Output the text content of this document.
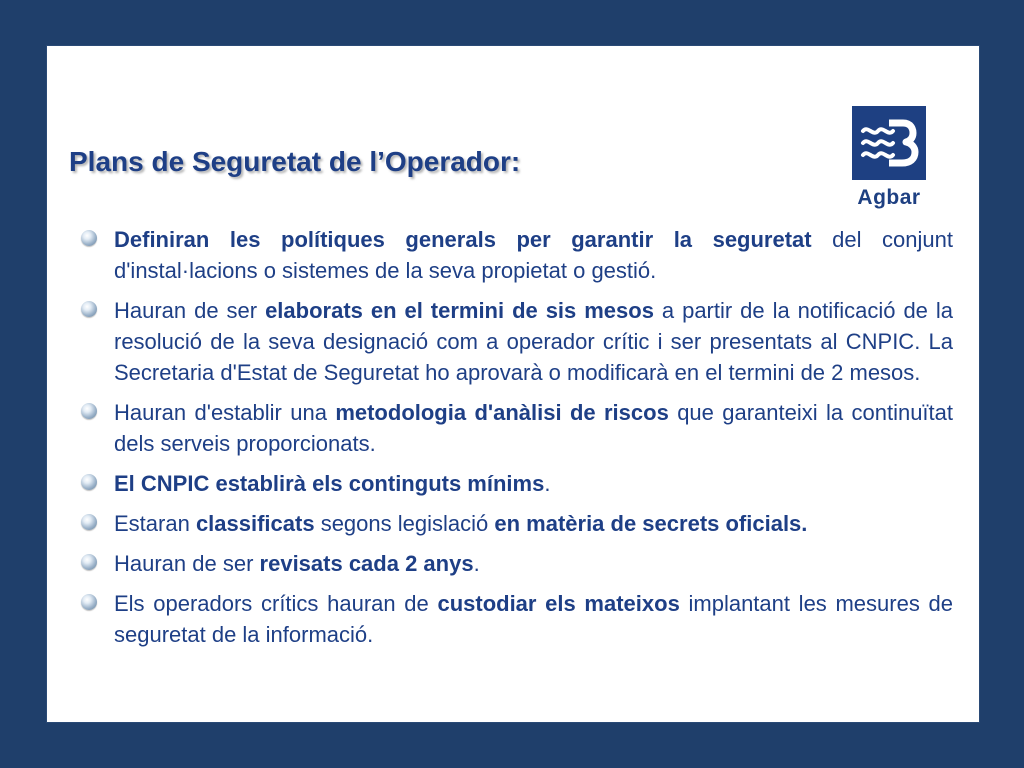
Agbar
Plans de Seguretat de l’Operador:
Definiran les polítiques generals per garantir la seguretat del conjunt d'instal·lacions o sistemes de la seva propietat o gestió.
Hauran de ser elaborats en el termini de sis mesos a partir de la notificació de la resolució de la seva designació com a operador crític i ser presentats al CNPIC. La Secretaria d'Estat de Seguretat ho aprovarà o modificarà en el termini de 2 mesos.
Hauran d'establir una metodologia d'anàlisi de riscos que garanteixi la continuïtat dels serveis proporcionats.
El CNPIC establirà els continguts mínims.
Estaran classificats segons legislació en matèria de secrets oficials.
Hauran de ser revisats cada 2 anys.
Els operadors crítics hauran de custodiar els mateixos implantant les mesures de seguretat de la informació.
